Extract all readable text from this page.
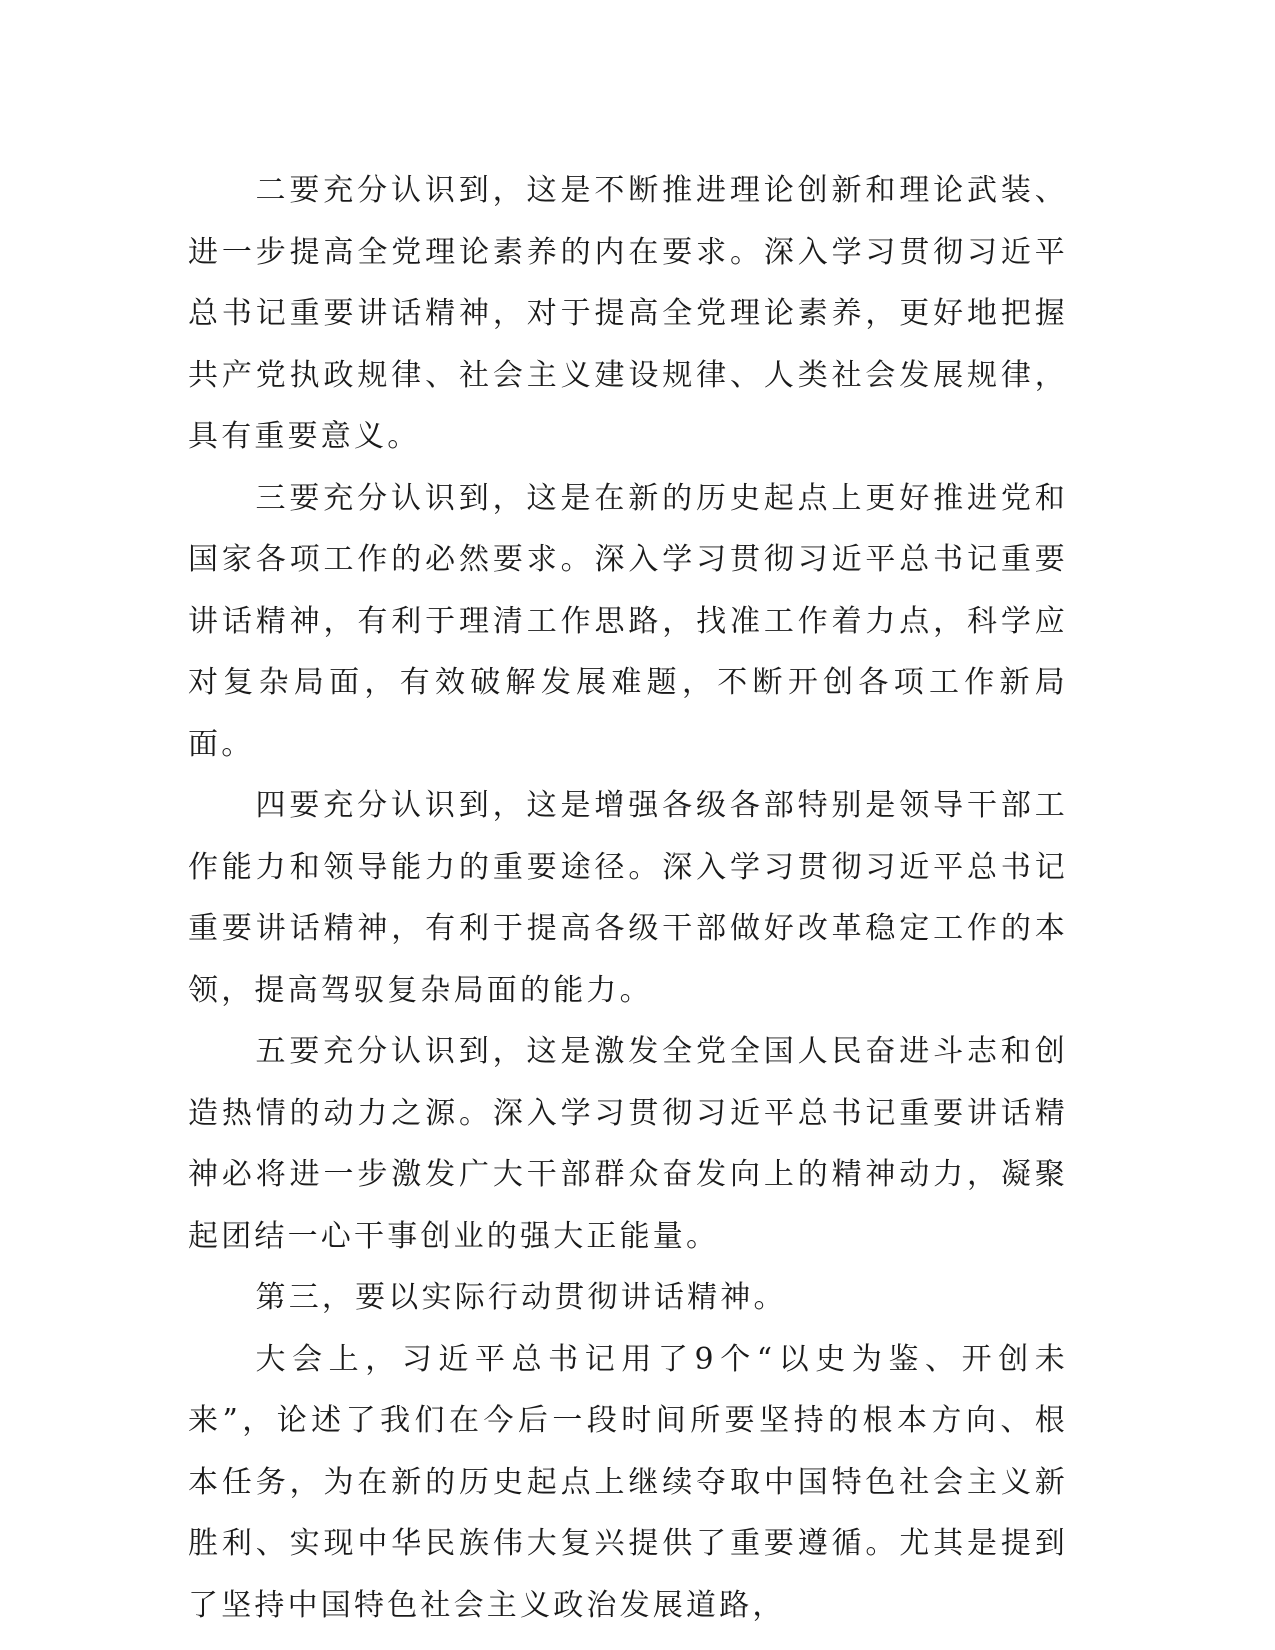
二要充分认识到，这是不断推进理论创新和理论武装、进一步提高全党理论素养的内在要求。深入学习贯彻习近平总书记重要讲话精神，对于提高全党理论素养，更好地把握共产党执政规律、社会主义建设规律、人类社会发展规律，具有重要意义。

三要充分认识到，这是在新的历史起点上更好推进党和国家各项工作的必然要求。深入学习贯彻习近平总书记重要讲话精神，有利于理清工作思路，找准工作着力点，科学应对复杂局面，有效破解发展难题，不断开创各项工作新局面。

四要充分认识到，这是增强各级各部特别是领导干部工作能力和领导能力的重要途径。深入学习贯彻习近平总书记重要讲话精神，有利于提高各级干部做好改革稳定工作的本领，提高驾驭复杂局面的能力。

五要充分认识到，这是激发全党全国人民奋进斗志和创造热情的动力之源。深入学习贯彻习近平总书记重要讲话精神必将进一步激发广大干部群众奋发向上的精神动力，凝聚起团结一心干事创业的强大正能量。

第三，要以实际行动贯彻讲话精神。

大会上，习近平总书记用了9个“以史为鉴、开创未来”，论述了我们在今后一段时间所要坚持的根本方向、根本任务，为在新的历史起点上继续夺取中国特色社会主义新胜利、实现中华民族伟大复兴提供了重要遵循。尤其是提到了坚持中国特色社会主义政治发展道路，
